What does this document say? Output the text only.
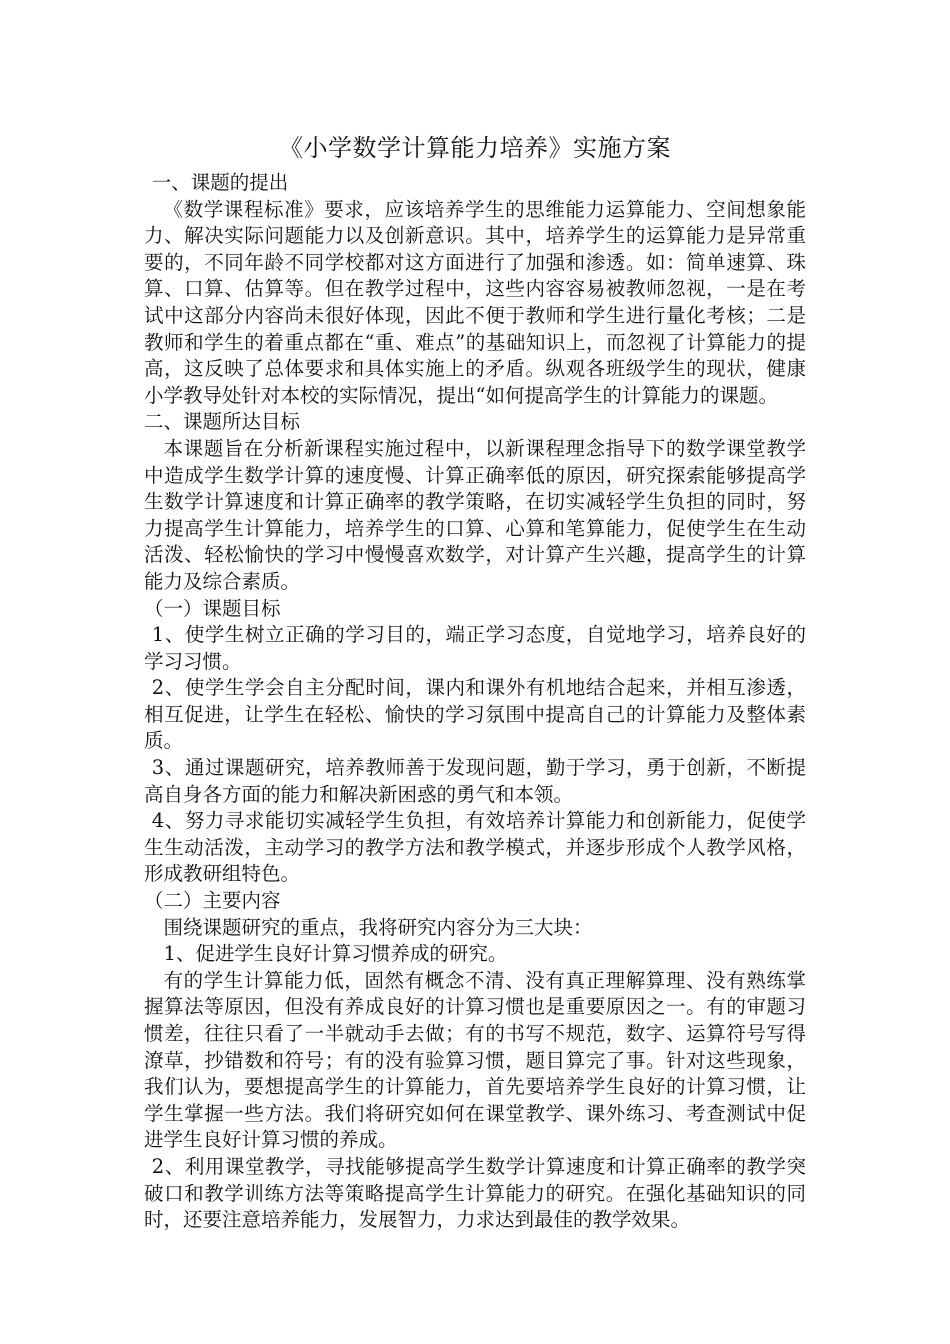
《小学数学计算能力培养》实施方案

一、课题的提出

《数学课程标准》要求，应该培养学生的思维能力运算能力、空间想象能力、解决实际问题能力以及创新意识。其中，培养学生的运算能力是异常重要的，不同年龄不同学校都对这方面进行了加强和渗透。如：简单速算、珠算、口算、估算等。但在教学过程中，这些内容容易被教师忽视，一是在考试中这部分内容尚未很好体现，因此不便于教师和学生进行量化考核；二是教师和学生的着重点都在“重、难点”的基础知识上，而忽视了计算能力的提高，这反映了总体要求和具体实施上的矛盾。纵观各班级学生的现状，健康小学教导处针对本校的实际情况，提出“如何提高学生的计算能力的课题。

二、课题所达目标

本课题旨在分析新课程实施过程中，以新课程理念指导下的数学课堂教学中造成学生数学计算的速度慢、计算正确率低的原因，研究探索能够提高学生数学计算速度和计算正确率的教学策略，在切实减轻学生负担的同时，努力提高学生计算能力，培养学生的口算、心算和笔算能力，促使学生在生动活泼、轻松愉快的学习中慢慢喜欢数学，对计算产生兴趣，提高学生的计算能力及综合素质。

（一）课题目标

1、使学生树立正确的学习目的，端正学习态度，自觉地学习，培养良好的学习习惯。

2、使学生学会自主分配时间，课内和课外有机地结合起来，并相互渗透，相互促进，让学生在轻松、愉快的学习氛围中提高自己的计算能力及整体素质。

3、通过课题研究，培养教师善于发现问题，勤于学习，勇于创新，不断提高自身各方面的能力和解决新困惑的勇气和本领。

4、努力寻求能切实减轻学生负担，有效培养计算能力和创新能力，促使学生生动活泼，主动学习的教学方法和教学模式，并逐步形成个人教学风格，形成教研组特色。

（二）主要内容

围绕课题研究的重点，我将研究内容分为三大块：

1、促进学生良好计算习惯养成的研究。

有的学生计算能力低，固然有概念不清、没有真正理解算理、没有熟练掌握算法等原因，但没有养成良好的计算习惯也是重要原因之一。有的审题习惯差，往往只看了一半就动手去做；有的书写不规范，数字、运算符号写得潦草，抄错数和符号；有的没有验算习惯，题目算完了事。针对这些现象，我们认为，要想提高学生的计算能力，首先要培养学生良好的计算习惯，让学生掌握一些方法。我们将研究如何在课堂教学、课外练习、考查测试中促进学生良好计算习惯的养成。

2、利用课堂教学，寻找能够提高学生数学计算速度和计算正确率的教学突破口和教学训练方法等策略提高学生计算能力的研究。在强化基础知识的同时，还要注意培养能力，发展智力，力求达到最佳的教学效果。
